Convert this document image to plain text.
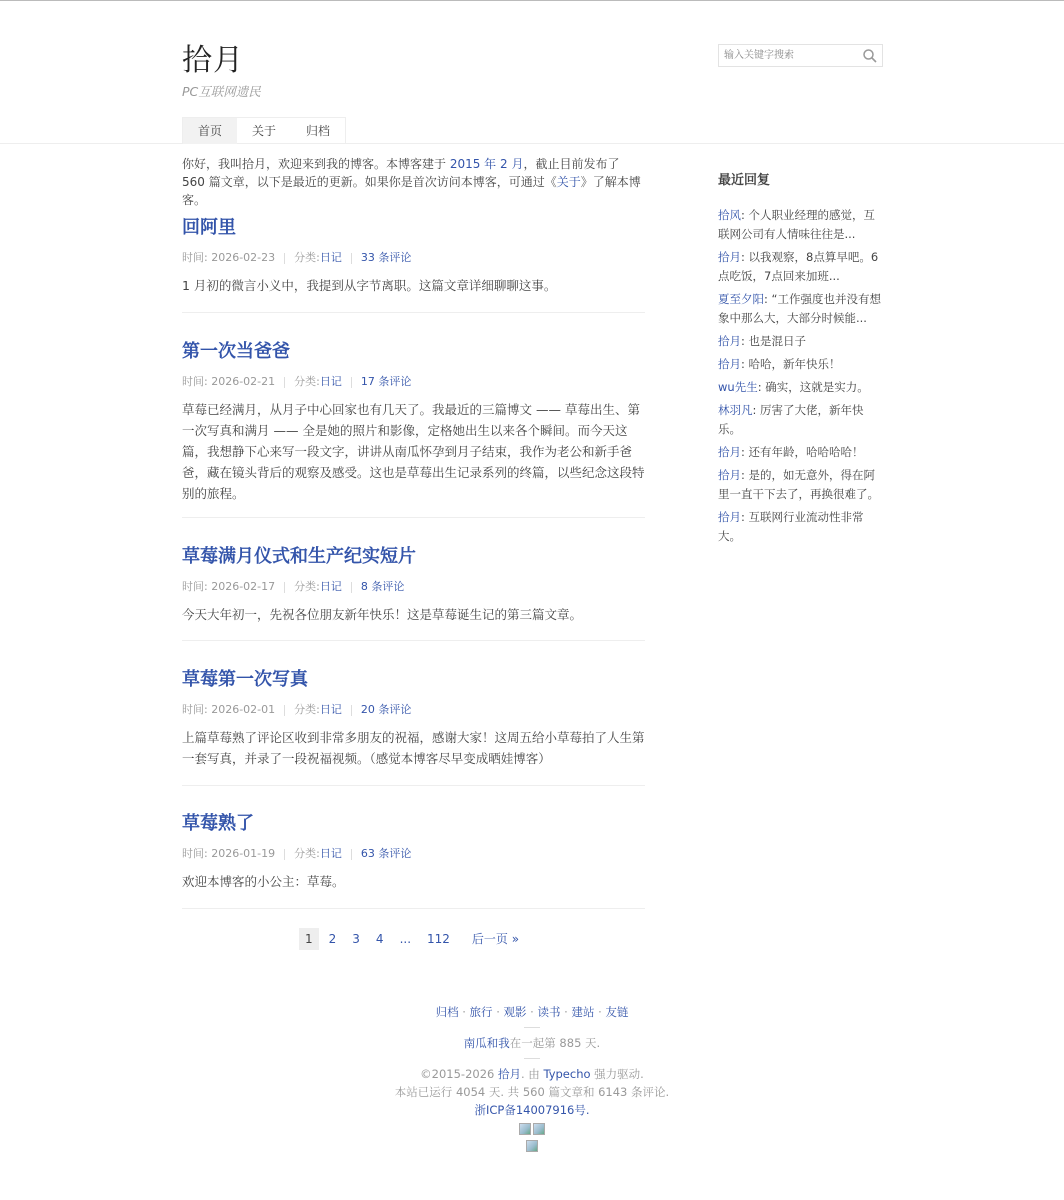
拾月
PC互联网遗民
输入关键字搜索
首页	关于	归档
你好，我叫拾月，欢迎来到我的博客。本博客建于 2015 年 2 月，截止目前发布了 560 篇文章，以下是最近的更新。如果你是首次访问本博客，可通过《关于》了解本博客。
回阿里
时间: 2026-02-23 分类: 日记 33 条评论
1 月初的微言小义中，我提到从字节离职。这篇文章详细聊聊这事。
第一次当爸爸
时间: 2026-02-21 分类: 日记 17 条评论
草莓已经满月，从月子中心回家也有几天了。我最近的三篇博文 —— 草莓出生、第一次写真和满月 —— 全是她的照片和影像，定格她出生以来各个瞬间。而今天这篇，我想静下心来写一段文字，讲讲从南瓜怀孕到月子结束，我作为老公和新手爸爸，藏在镜头背后的观察及感受。这也是草莓出生记录系列的终篇，以些纪念这段特别的旅程。
草莓满月仪式和生产纪实短片
时间: 2026-02-17 分类: 日记 8 条评论
今天大年初一，先祝各位朋友新年快乐！这是草莓诞生记的第三篇文章。
草莓第一次写真
时间: 2026-02-01 分类: 日记 20 条评论
上篇草莓熟了评论区收到非常多朋友的祝福，感谢大家！这周五给小草莓拍了人生第一套写真，并录了一段祝福视频。（感觉本博客尽早变成晒娃博客）
草莓熟了
时间: 2026-01-19 分类: 日记 63 条评论
欢迎本博客的小公主：草莓。
1	2	3	4	...	112	后一页 »
最近回复
拾风: 个人职业经理的感觉，互联网公司有人情味往往是...
拾月: 以我观察，8点算早吧。6点吃饭，7点回来加班...
夏至夕阳: “工作强度也并没有想象中那么大，大部分时候能...
拾月: 也是混日子
拾月: 哈哈，新年快乐！
wu先生: 确实，这就是实力。
林羽凡: 厉害了大佬，新年快乐。
拾月: 还有年龄，哈哈哈哈！
拾月: 是的，如无意外，得在阿里一直干下去了，再换很难了。
拾月: 互联网行业流动性非常大。
归档 · 旅行 · 观影 · 读书 · 建站 · 友链
南瓜和我在一起第 885 天.
©2015-2026 拾月. 由 Typecho 强力驱动.
本站已运行 4054 天. 共 560 篇文章和 6143 条评论.
浙ICP备14007916号.
